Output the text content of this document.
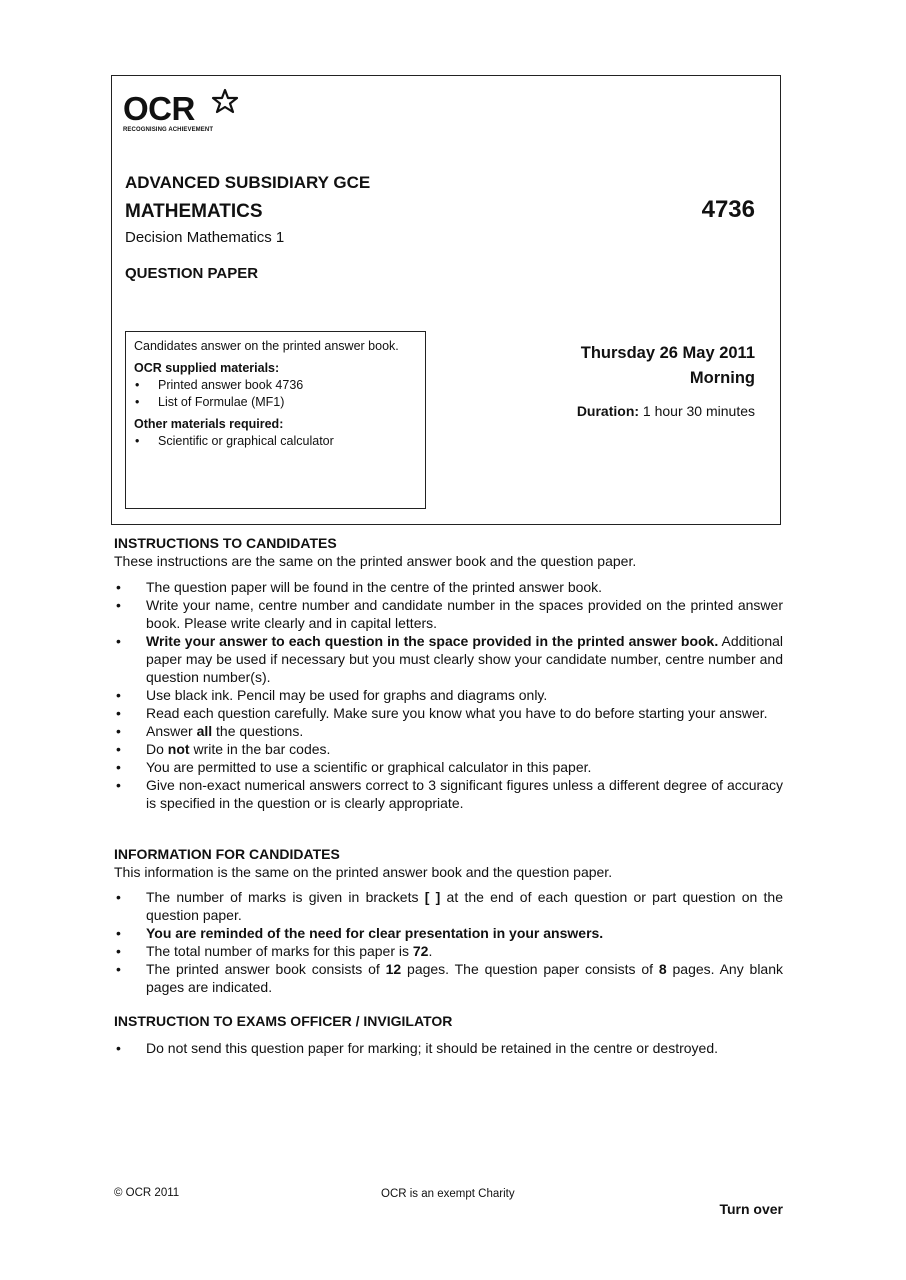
OCR
RECOGNISING ACHIEVEMENT
ADVANCED SUBSIDIARY GCE
MATHEMATICS	4736
Decision Mathematics 1
QUESTION PAPER
Candidates answer on the printed answer book.
OCR supplied materials:
• Printed answer book 4736
• List of Formulae (MF1)
Other materials required:
• Scientific or graphical calculator
Thursday 26 May 2011
Morning
Duration: 1 hour 30 minutes
INSTRUCTIONS TO CANDIDATES
These instructions are the same on the printed answer book and the question paper.
• The question paper will be found in the centre of the printed answer book.
• Write your name, centre number and candidate number in the spaces provided on the printed answer book. Please write clearly and in capital letters.
• Write your answer to each question in the space provided in the printed answer book. Additional paper may be used if necessary but you must clearly show your candidate number, centre number and question number(s).
• Use black ink. Pencil may be used for graphs and diagrams only.
• Read each question carefully. Make sure you know what you have to do before starting your answer.
• Answer all the questions.
• Do not write in the bar codes.
• You are permitted to use a scientific or graphical calculator in this paper.
• Give non-exact numerical answers correct to 3 significant figures unless a different degree of accuracy is specified in the question or is clearly appropriate.
INFORMATION FOR CANDIDATES
This information is the same on the printed answer book and the question paper.
• The number of marks is given in brackets [ ] at the end of each question or part question on the question paper.
• You are reminded of the need for clear presentation in your answers.
• The total number of marks for this paper is 72.
• The printed answer book consists of 12 pages. The question paper consists of 8 pages. Any blank pages are indicated.
INSTRUCTION TO EXAMS OFFICER / INVIGILATOR
• Do not send this question paper for marking; it should be retained in the centre or destroyed.
© OCR 2011	OCR is an exempt Charity
Turn over
